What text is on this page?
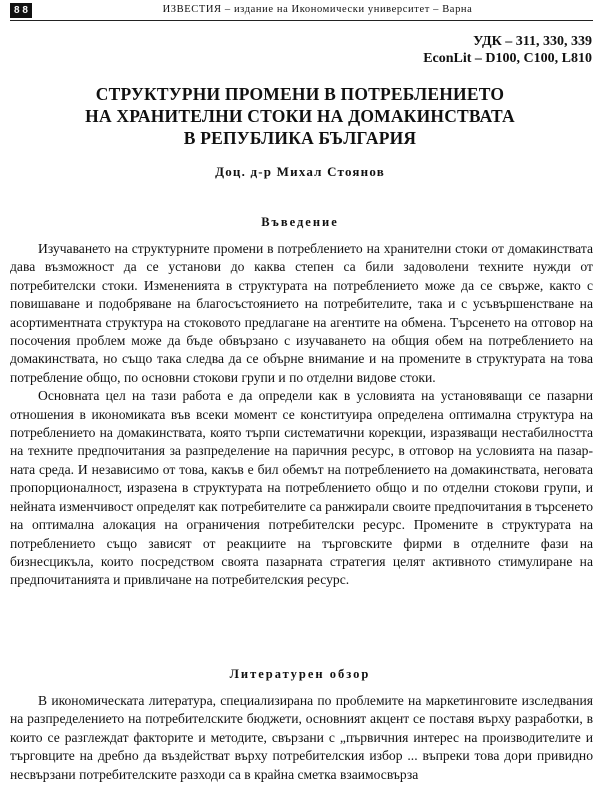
8 8	ИЗВЕСТИЯ – издание на Икономически университет – Варна
УДК – 311, 330, 339
EconLit – D100, C100, L810
СТРУКТУРНИ ПРОМЕНИ В ПОТРЕБЛЕНИЕТО
НА ХРАНИТЕЛНИ СТОКИ НА ДОМАКИНСТВАТА
В РЕПУБЛИКА БЪЛГАРИЯ
Доц. д-р Михал Стоянов
Въведение

Изучаването на структурните промени в потреблението на хранителни стоки от домакинствата дава възможност да се установи до каква степен са били задоволени техните нужди от потребителски стоки. Измененията в структурата на потреблението може да се свърже, както с повишаване и подобряване на благосъстоянието на потребителите, така и с усъвършенстване на асортиментната структура на стоковото предлагане на агентите на обмена. Търсенето на отговор на посочения проблем може да бъде обвързано с изучаването на общия обем на потреблението на домакинствата, но също така следва да се обърне внимание и на промените в структурата на това потребление общо, по основни стокови групи и по отделни видове стоки.

Основната цел на тази работа е да определи как в условията на установяващи се пазарни отношения в икономиката във всеки момент се конституира определена оптимална структура на потреблението на домакинствата, която търпи систематични корекции, изразяващи нестабилността на техните предпочитания за разпределение на паричния ресурс, в отговор на условията на пазарната среда. И независимо от това, какъв е бил обемът на потреблението на домакинствата, неговата пропорционалност, изразена в структурата на потреблението общо и по отделни стокови групи, и нейната изменчивост определят как потребителите са ранжирали своите предпочитания в търсенето на оптимална алокация на ограничения потребителски ресурс. Промените в структурата на потреблението също зависят от реакциите на търговските фирми в отделните фази на бизнесцикъла, които посредством своята пазарната стратегия целят активното стимулиране на предпочитанията и привличане на потребителския ресурс.

Литературен обзор

В икономическата литература, специализирана по проблемите на маркетинговите изследвания на разпределението на потребителските бюджети, основният акцент се поставя върху разработки, в които се разглеждат факторите и методите, свързани с „първичния интерес на производителите и търговците на дребно да въздействат върху потребителския избор ... въпреки това дори привидно несвързани потребителските разходи са в крайна сметка взаимосвърза
